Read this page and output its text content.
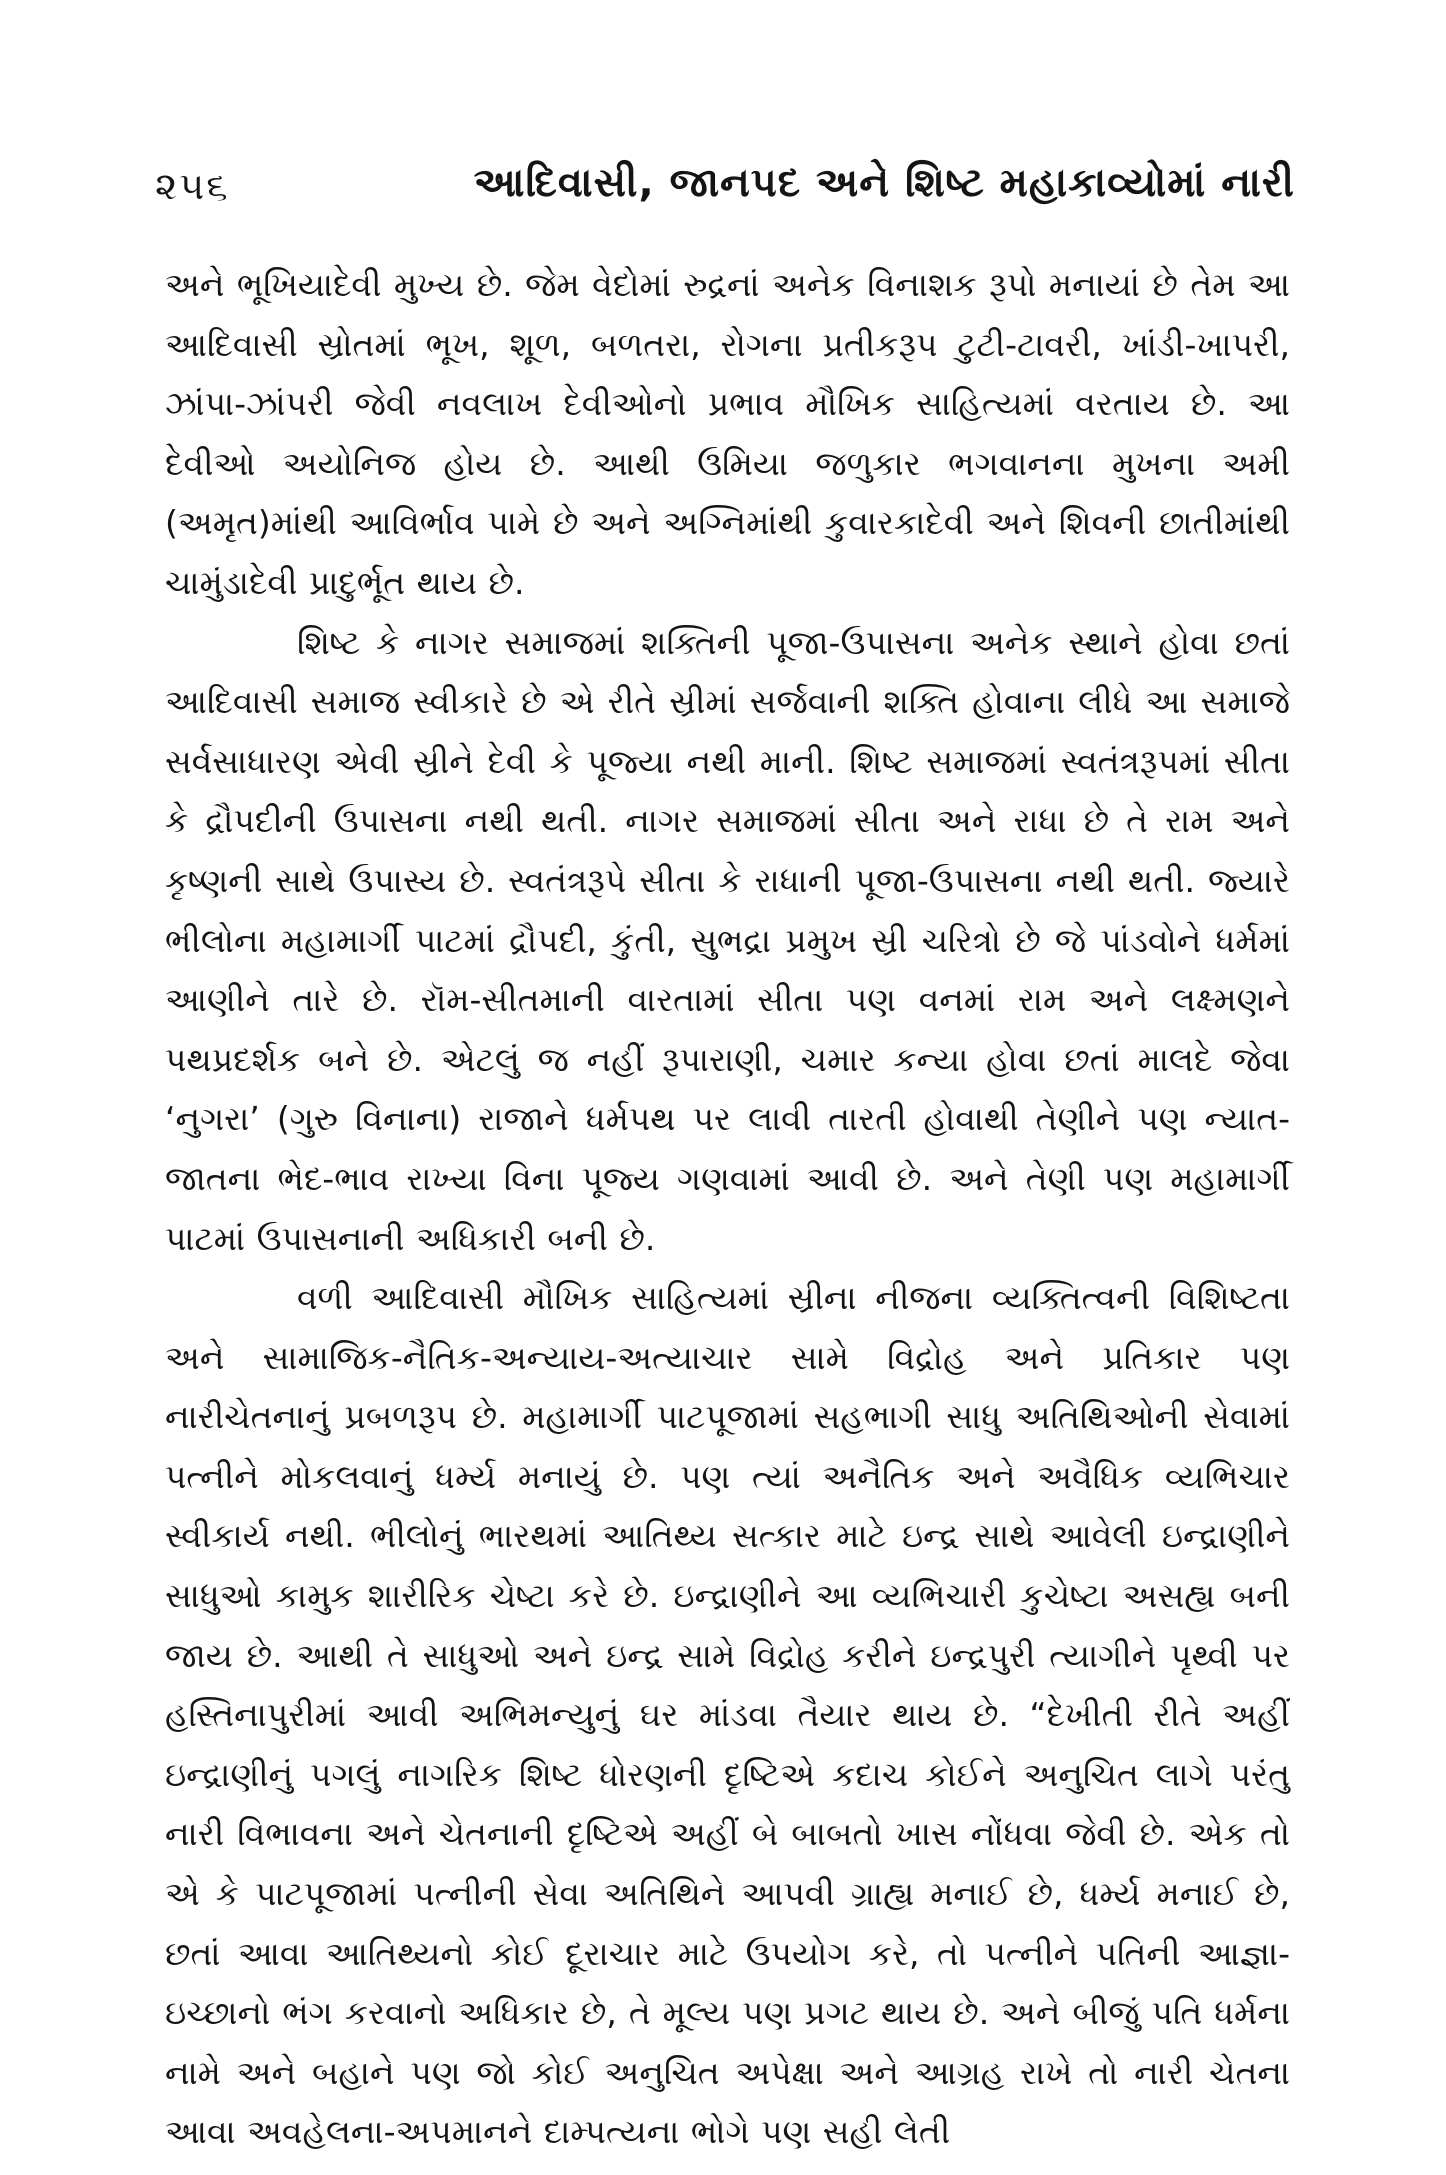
૨૫૬	આદિવાસી, જાનપદ અને શિષ્ટ મહાકાવ્યોમાં નારી

અને ભૂખિયાદેવી મુખ્ય છે. જેમ વેદોમાં રુદ્રનાં અનેક વિનાશક રૂપો મનાયાં છે તેમ આ આદિવાસી સ્રોતમાં ભૂખ, શૂળ, બળતરા, રોગના પ્રતીકરૂપ ટુટી-ટાવરી, ખાંડી-ખાપરી, ઝાંપા-ઝાંપરી જેવી નવલાખ દેવીઓનો પ્રભાવ મૌખિક સાહિત્યમાં વરતાય છે. આ દેવીઓ અયોનિજ હોય છે. આથી ઉમિયા જળુકાર ભગવાનના મુખના અમી (અમૃત)માંથી આવિર્ભાવ પામે છે અને અગ્નિમાંથી કુવારકાદેવી અને શિવની છાતીમાંથી ચામુંડાદેવી પ્રાદુર્ભૂત થાય છે.

શિષ્ટ કે નાગર સમાજમાં શક્તિની પૂજા-ઉપાસના અનેક સ્થાને હોવા છતાં આદિવાસી સમાજ સ્વીકારે છે એ રીતે સ્રીમાં સર્જવાની શક્તિ હોવાના લીધે આ સમાજે સર્વસાધારણ એવી સ્રીને દેવી કે પૂજ્યા નથી માની. શિષ્ટ સમાજમાં સ્વતંત્રરૂપમાં સીતા કે દ્રૌપદીની ઉપાસના નથી થતી. નાગર સમાજમાં સીતા અને રાધા છે તે રામ અને કૃષ્ણની સાથે ઉપાસ્ય છે. સ્વતંત્રરૂપે સીતા કે રાધાની પૂજા-ઉપાસના નથી થતી. જ્યારે ભીલોના મહામાર્ગી પાટમાં દ્રૌપદી, કુંતી, સુભદ્રા પ્રમુખ સ્રી ચરિત્રો છે જે પાંડવોને ધર્મમાં આણીને તારે છે. રૉમ-સીતમાની વારતામાં સીતા પણ વનમાં રામ અને લક્ષ્મણને પથપ્રદર્શક બને છે. એટલું જ નહીં રૂપારાણી, ચમાર કન્યા હોવા છતાં માલદે જેવા ‘નુગરા’ (ગુરુ વિનાના) રાજાને ધર્મપથ પર લાવી તારતી હોવાથી તેણીને પણ ન્યાત-જાતના ભેદ-ભાવ રાખ્યા વિના પૂજ્ય ગણવામાં આવી છે. અને તેણી પણ મહામાર્ગી પાટમાં ઉપાસનાની અધિકારી બની છે.

વળી આદિવાસી મૌખિક સાહિત્યમાં સ્રીના નીજના વ્યક્તિત્વની વિશિષ્ટતા અને સામાજિક-નૈતિક-અન્યાય-અત્યાચાર સામે વિદ્રોહ અને પ્રતિકાર પણ નારીચેતનાનું પ્રબળરૂપ છે. મહામાર્ગી પાટપૂજામાં સહભાગી સાધુ અતિથિઓની સેવામાં પત્નીને મોકલવાનું ધર્મ્ય મનાયું છે. પણ ત્યાં અનૈતિક અને અવૈધિક વ્યભિચાર સ્વીકાર્ય નથી. ભીલોનું ભારથમાં આતિથ્ય સત્કાર માટે ઇન્દ્ર સાથે આવેલી ઇન્દ્રાણીને સાધુઓ કામુક શારીરિક ચેષ્ટા કરે છે. ઇન્દ્રાણીને આ વ્યભિચારી કુચેષ્ટા અસહ્ય બની જાય છે. આથી તે સાધુઓ અને ઇન્દ્ર સામે વિદ્રોહ કરીને ઇન્દ્રપુરી ત્યાગીને પૃથ્વી પર હસ્તિનાપુરીમાં આવી અભિમન્યુનું ઘર માંડવા તૈયાર થાય છે. “દેખીતી રીતે અહીં ઇન્દ્રાણીનું પગલું નાગરિક શિષ્ટ ધોરણની દૃષ્ટિએ કદાચ કોઈને અનુચિત લાગે પરંતુ નારી વિભાવના અને ચેતનાની દૃષ્ટિએ અહીં બે બાબતો ખાસ નોંધવા જેવી છે. એક તો એ કે પાટપૂજામાં પત્નીની સેવા અતિથિને આપવી ગ્રાહ્ય મનાઈ છે, ધર્મ્ય મનાઈ છે, છતાં આવા આતિથ્યનો કોઈ દૂરાચાર માટે ઉપયોગ કરે, તો પત્નીને પતિની આજ્ઞા-ઇચ્છાનો ભંગ કરવાનો અધિકાર છે, તે મૂલ્ય પણ પ્રગટ થાય છે. અને બીજું પતિ ધર્મના નામે અને બહાને પણ જો કોઈ અનુચિત અપેક્ષા અને આગ્રહ રાખે તો નારી ચેતના આવા અવહેલના-અપમાનને દામ્પત્યના ભોગે પણ સહી લેતી
